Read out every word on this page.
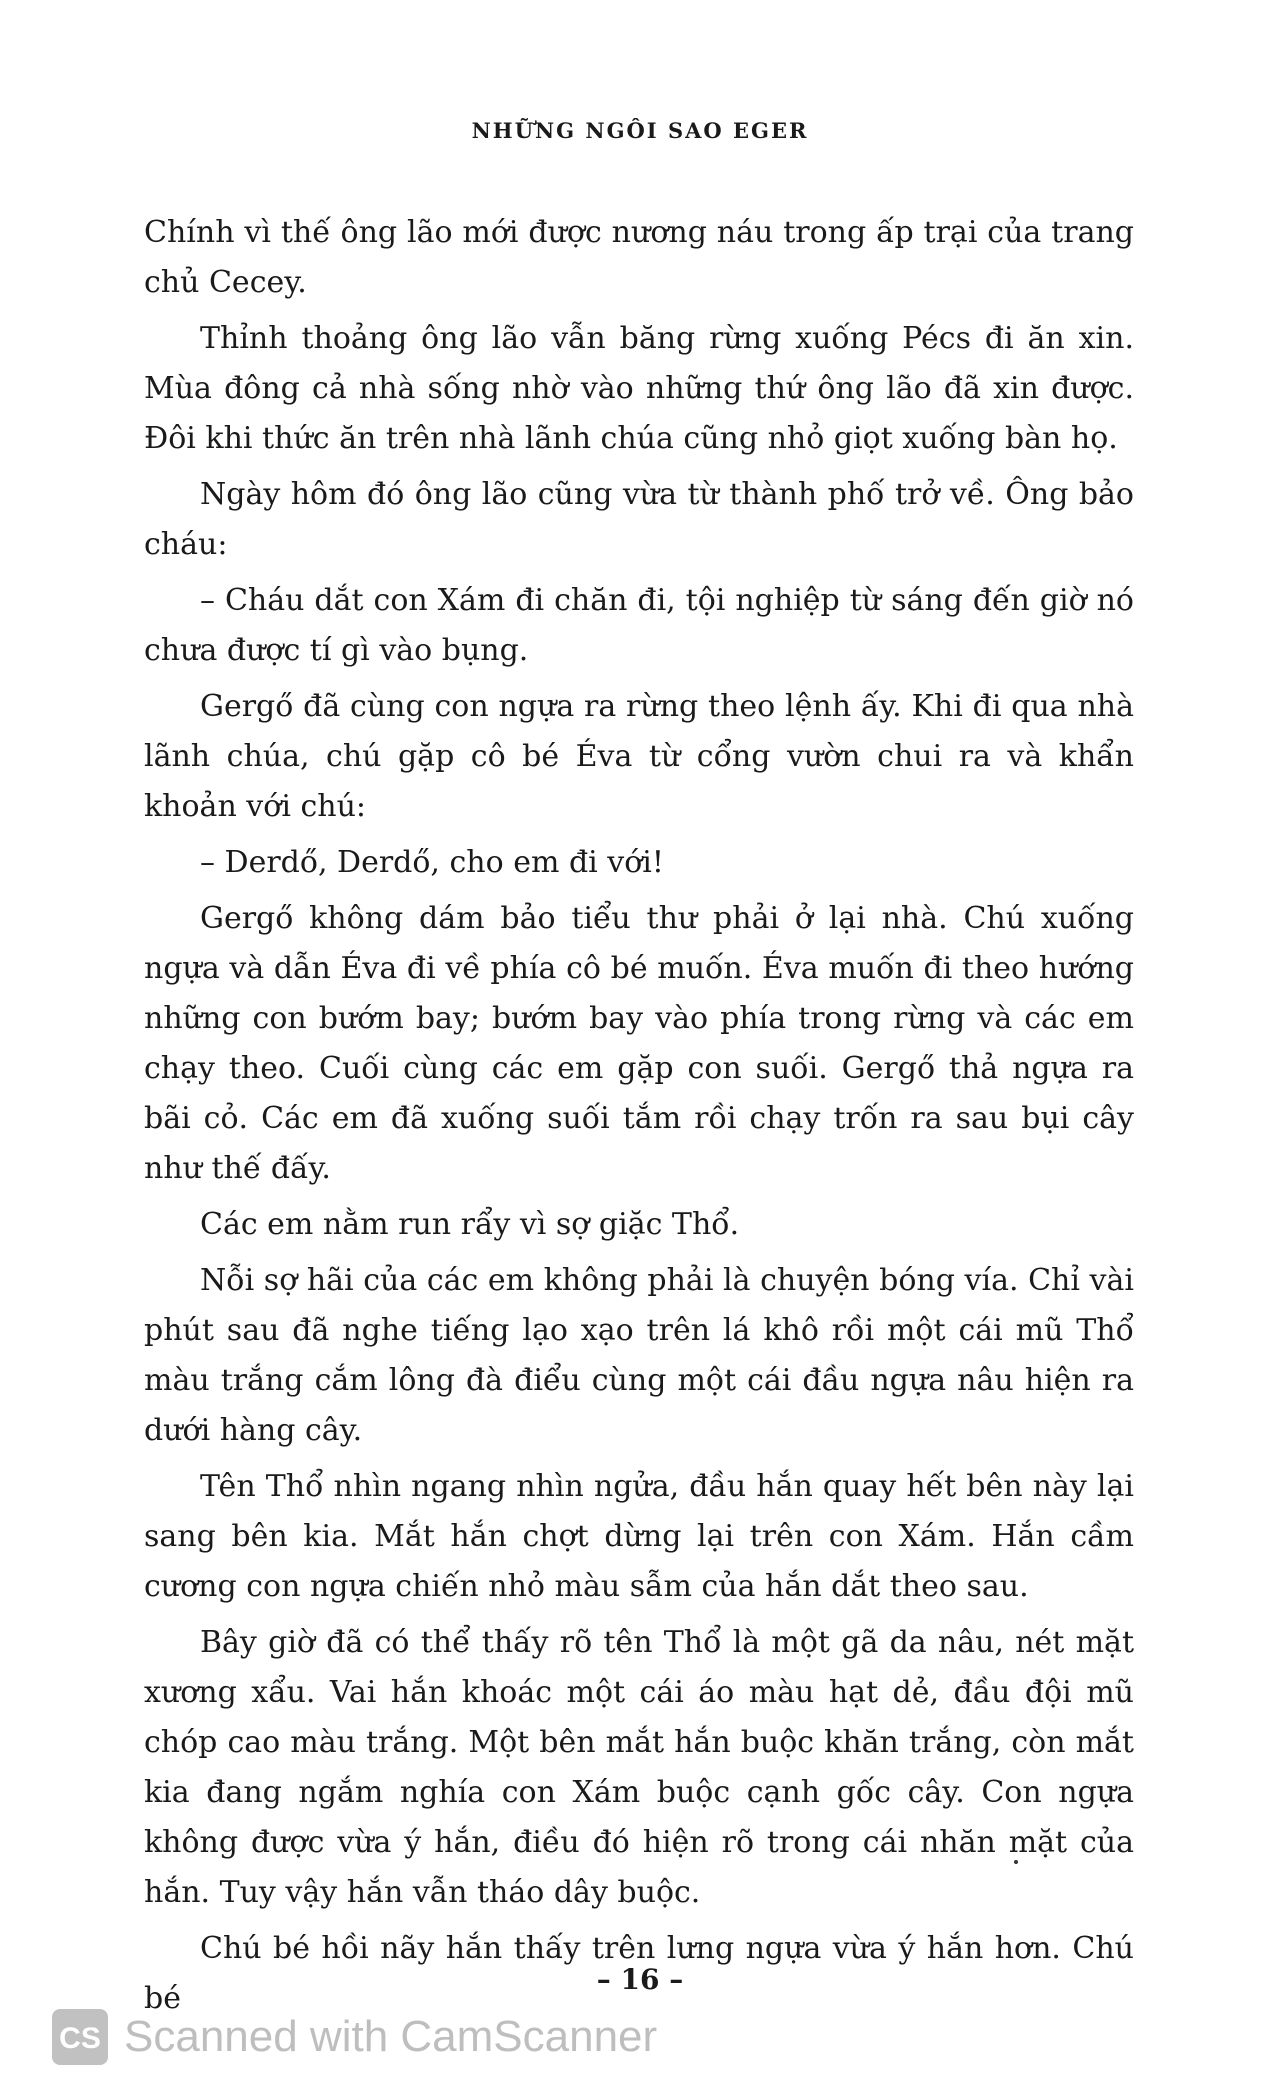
NHỮNG NGÔI SAO EGER

Chính vì thế ông lão mới được nương náu trong ấp trại của trang chủ Cecey.

Thỉnh thoảng ông lão vẫn băng rừng xuống Pécs đi ăn xin. Mùa đông cả nhà sống nhờ vào những thứ ông lão đã xin được. Đôi khi thức ăn trên nhà lãnh chúa cũng nhỏ giọt xuống bàn họ.

Ngày hôm đó ông lão cũng vừa từ thành phố trở về. Ông bảo cháu:

– Cháu dắt con Xám đi chăn đi, tội nghiệp từ sáng đến giờ nó chưa được tí gì vào bụng.

Gergő đã cùng con ngựa ra rừng theo lệnh ấy. Khi đi qua nhà lãnh chúa, chú gặp cô bé Éva từ cổng vườn chui ra và khẩn khoản với chú:

– Derdő, Derdő, cho em đi với!

Gergő không dám bảo tiểu thư phải ở lại nhà. Chú xuống ngựa và dẫn Éva đi về phía cô bé muốn. Éva muốn đi theo hướng những con bướm bay; bướm bay vào phía trong rừng và các em chạy theo. Cuối cùng các em gặp con suối. Gergő thả ngựa ra bãi cỏ. Các em đã xuống suối tắm rồi chạy trốn ra sau bụi cây như thế đấy.

Các em nằm run rẩy vì sợ giặc Thổ.

Nỗi sợ hãi của các em không phải là chuyện bóng vía. Chỉ vài phút sau đã nghe tiếng lạo xạo trên lá khô rồi một cái mũ Thổ màu trắng cắm lông đà điểu cùng một cái đầu ngựa nâu hiện ra dưới hàng cây.

Tên Thổ nhìn ngang nhìn ngửa, đầu hắn quay hết bên này lại sang bên kia. Mắt hắn chợt dừng lại trên con Xám. Hắn cầm cương con ngựa chiến nhỏ màu sẫm của hắn dắt theo sau.

Bây giờ đã có thể thấy rõ tên Thổ là một gã da nâu, nét mặt xương xẩu. Vai hắn khoác một cái áo màu hạt dẻ, đầu đội mũ chóp cao màu trắng. Một bên mắt hắn buộc khăn trắng, còn mắt kia đang ngắm nghía con Xám buộc cạnh gốc cây. Con ngựa không được vừa ý hắn, điều đó hiện rõ trong cái nhăn mặt của hắn. Tuy vậy hắn vẫn tháo dây buộc.

Chú bé hồi nãy hắn thấy trên lưng ngựa vừa ý hắn hơn. Chú bé

– 16 –
CS Scanned with CamScanner
